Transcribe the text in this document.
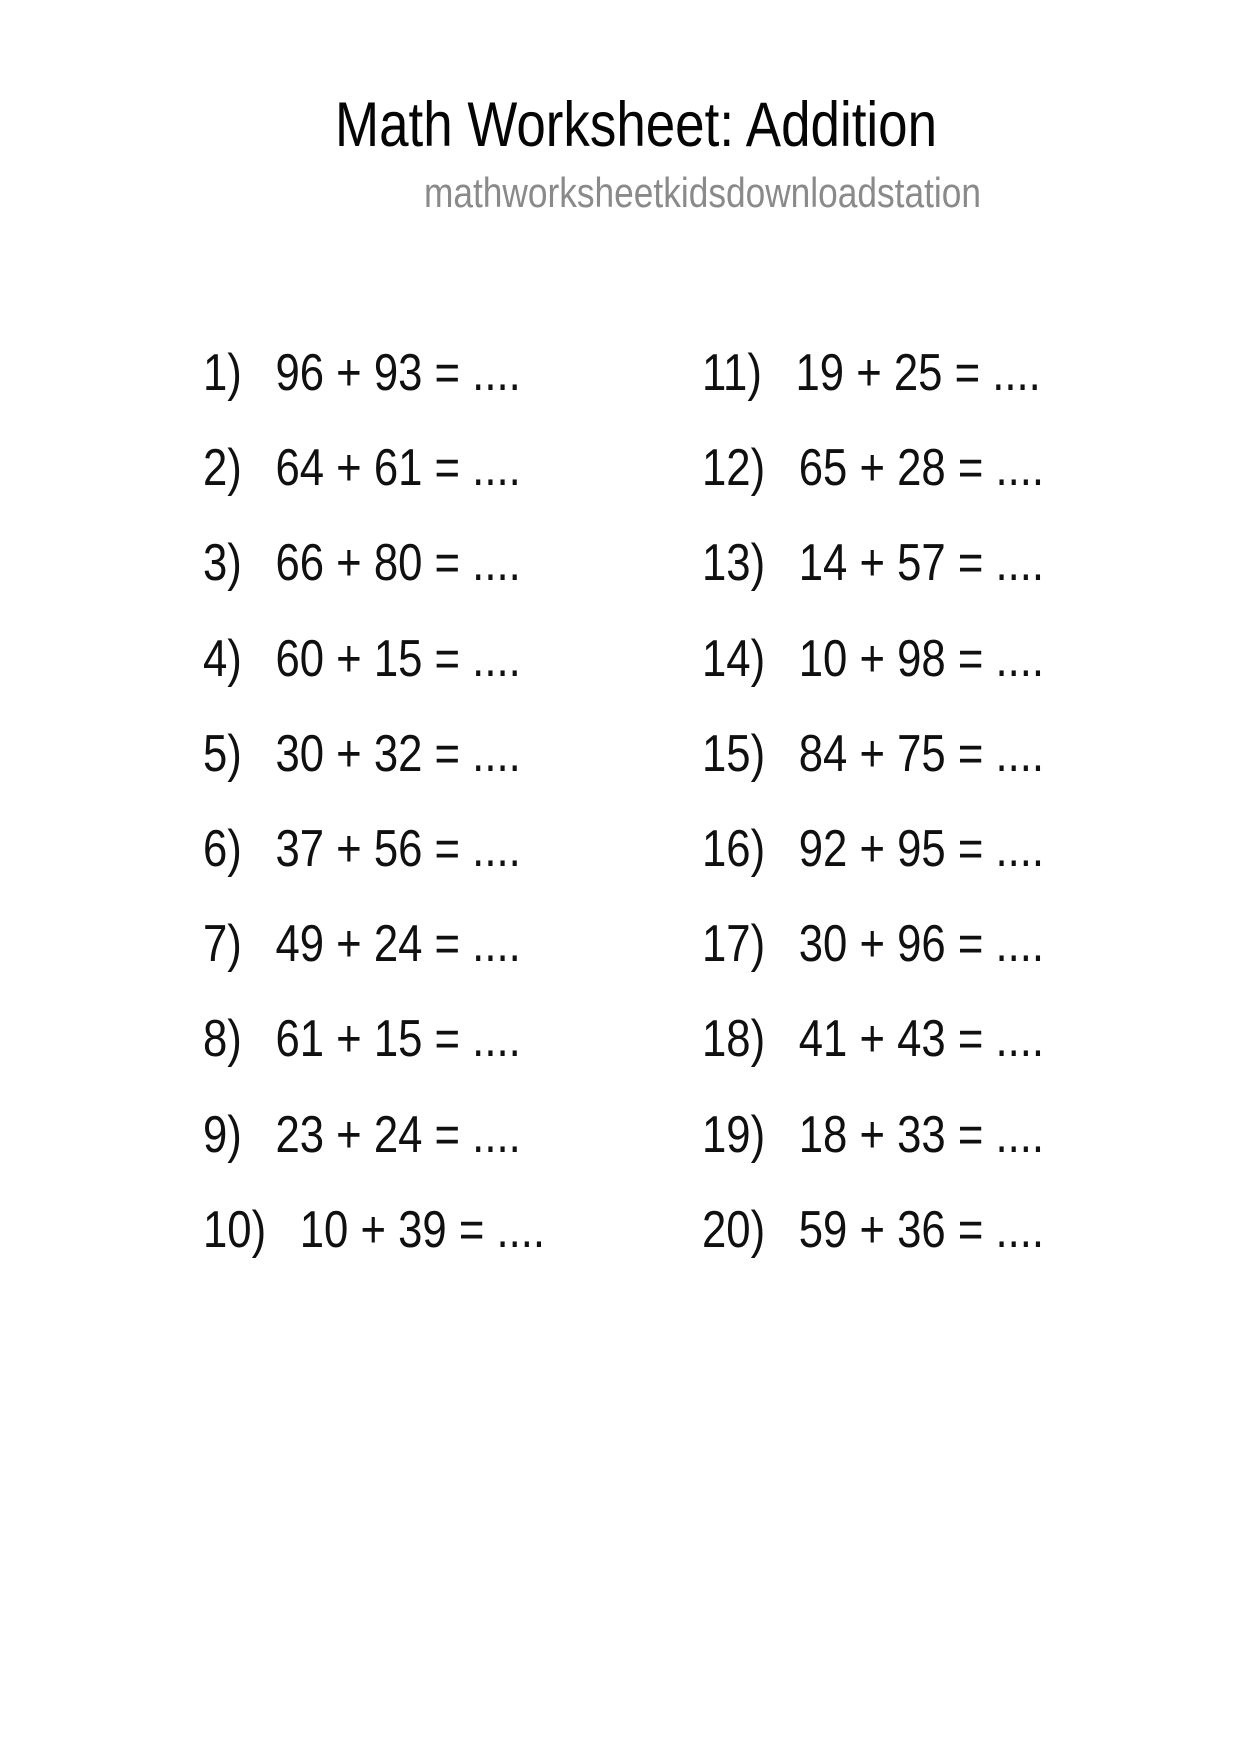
Math Worksheet: Addition
mathworksheetkidsdownloadstation
1) 96 + 93 = ....
2) 64 + 61 = ....
3) 66 + 80 = ....
4) 60 + 15 = ....
5) 30 + 32 = ....
6) 37 + 56 = ....
7) 49 + 24 = ....
8) 61 + 15 = ....
9) 23 + 24 = ....
10) 10 + 39 = ....
11) 19 + 25 = ....
12) 65 + 28 = ....
13) 14 + 57 = ....
14) 10 + 98 = ....
15) 84 + 75 = ....
16) 92 + 95 = ....
17) 30 + 96 = ....
18) 41 + 43 = ....
19) 18 + 33 = ....
20) 59 + 36 = ....
